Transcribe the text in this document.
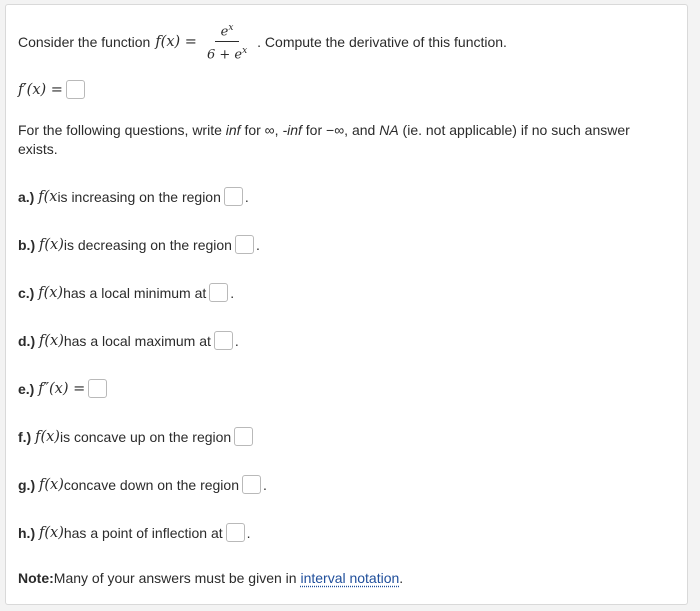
Consider the function $f(x) = \frac{e^x}{6 + e^x}$ . Compute the derivative of this function.
f′(x) =
For the following questions, write inf for ∞, -inf for −∞, and NA (ie. not applicable) if no such answer exists.
a.)
f(x is increasing on the region .
b.)
f(x) is decreasing on the region .
c.)
f(x) has a local minimum at .
d.)
f(x) has a local maximum at .
e.)
f″(x) =
f.)
f(x) is concave up on the region
g.)
f(x) concave down on the region .
h.)
f(x) has a point of inflection at .
Note: Many of your answers must be given in
interval notation .
